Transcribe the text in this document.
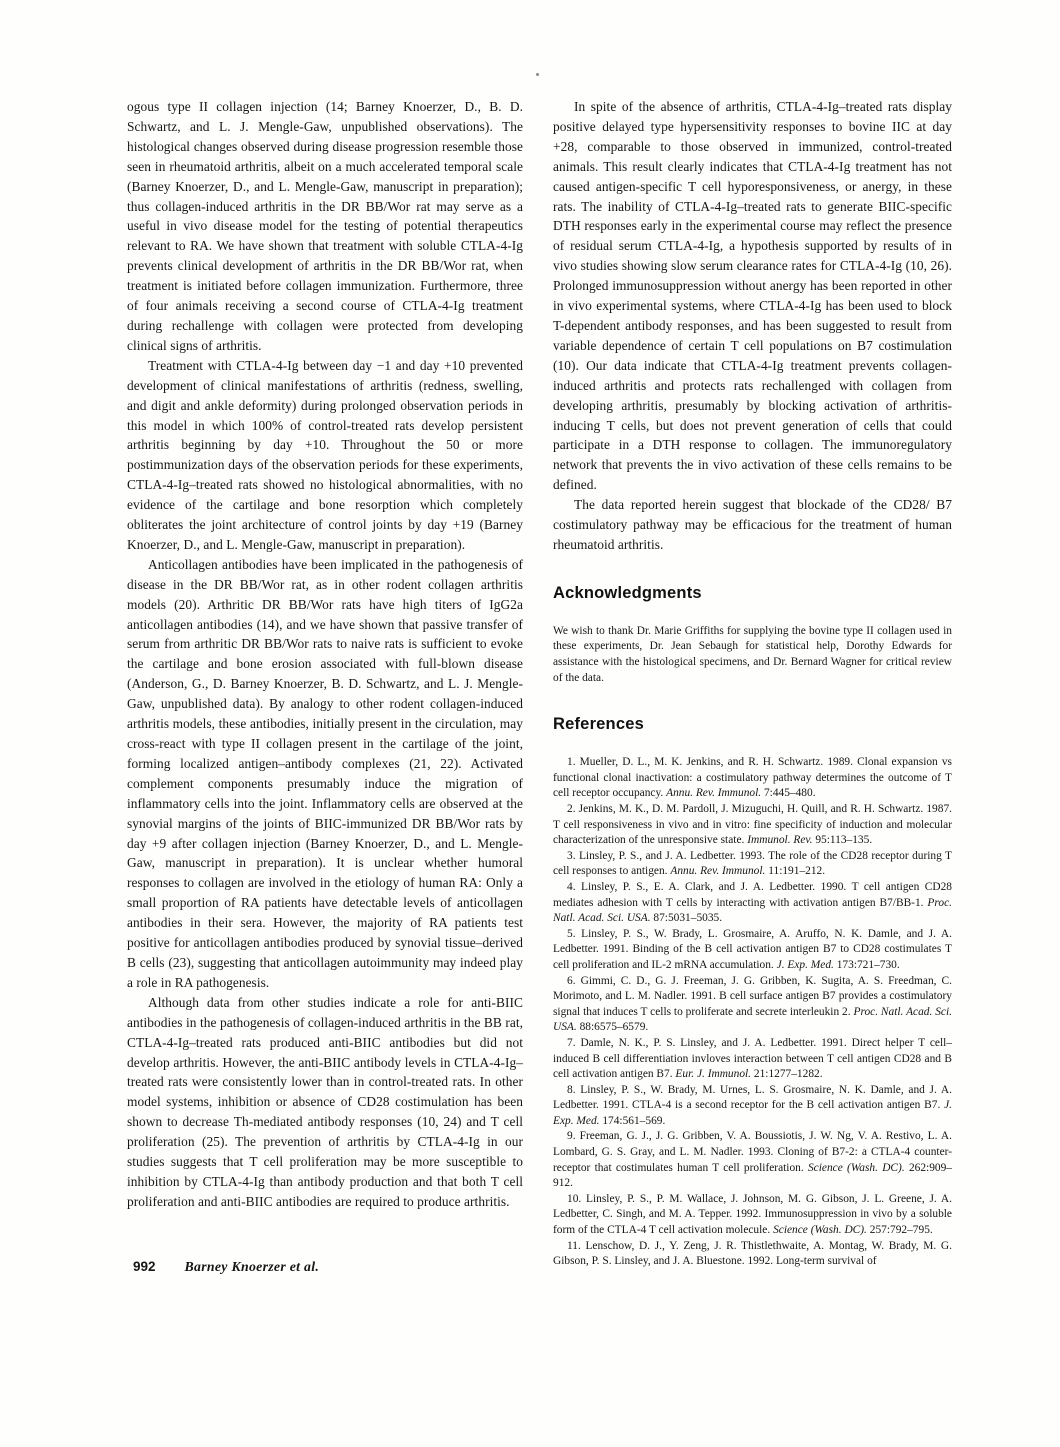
ogous type II collagen injection (14; Barney Knoerzer, D., B. D. Schwartz, and L. J. Mengle-Gaw, unpublished observations). The histological changes observed during disease progression resemble those seen in rheumatoid arthritis, albeit on a much accelerated temporal scale (Barney Knoerzer, D., and L. Mengle-Gaw, manuscript in preparation); thus collagen-induced arthritis in the DR BB/Wor rat may serve as a useful in vivo disease model for the testing of potential therapeutics relevant to RA. We have shown that treatment with soluble CTLA-4-Ig prevents clinical development of arthritis in the DR BB/Wor rat, when treatment is initiated before collagen immunization. Furthermore, three of four animals receiving a second course of CTLA-4-Ig treatment during rechallenge with collagen were protected from developing clinical signs of arthritis.

Treatment with CTLA-4-Ig between day −1 and day +10 prevented development of clinical manifestations of arthritis (redness, swelling, and digit and ankle deformity) during prolonged observation periods in this model in which 100% of control-treated rats develop persistent arthritis beginning by day +10. Throughout the 50 or more postimmunization days of the observation periods for these experiments, CTLA-4-Ig–treated rats showed no histological abnormalities, with no evidence of the cartilage and bone resorption which completely obliterates the joint architecture of control joints by day +19 (Barney Knoerzer, D., and L. Mengle-Gaw, manuscript in preparation).

Anticollagen antibodies have been implicated in the pathogenesis of disease in the DR BB/Wor rat, as in other rodent collagen arthritis models (20). Arthritic DR BB/Wor rats have high titers of IgG2a anticollagen antibodies (14), and we have shown that passive transfer of serum from arthritic DR BB/Wor rats to naive rats is sufficient to evoke the cartilage and bone erosion associated with full-blown disease (Anderson, G., D. Barney Knoerzer, B. D. Schwartz, and L. J. Mengle-Gaw, unpublished data). By analogy to other rodent collagen-induced arthritis models, these antibodies, initially present in the circulation, may cross-react with type II collagen present in the cartilage of the joint, forming localized antigen–antibody complexes (21, 22). Activated complement components presumably induce the migration of inflammatory cells into the joint. Inflammatory cells are observed at the synovial margins of the joints of BIIC-immunized DR BB/Wor rats by day +9 after collagen injection (Barney Knoerzer, D., and L. Mengle-Gaw, manuscript in preparation). It is unclear whether humoral responses to collagen are involved in the etiology of human RA: Only a small proportion of RA patients have detectable levels of anticollagen antibodies in their sera. However, the majority of RA patients test positive for anticollagen antibodies produced by synovial tissue–derived B cells (23), suggesting that anticollagen autoimmunity may indeed play a role in RA pathogenesis.

Although data from other studies indicate a role for anti-BIIC antibodies in the pathogenesis of collagen-induced arthritis in the BB rat, CTLA-4-Ig–treated rats produced anti-BIIC antibodies but did not develop arthritis. However, the anti-BIIC antibody levels in CTLA-4-Ig–treated rats were consistently lower than in control-treated rats. In other model systems, inhibition or absence of CD28 costimulation has been shown to decrease Th-mediated antibody responses (10, 24) and T cell proliferation (25). The prevention of arthritis by CTLA-4-Ig in our studies suggests that T cell proliferation may be more susceptible to inhibition by CTLA-4-Ig than antibody production and that both T cell proliferation and anti-BIIC antibodies are required to produce arthritis.

In spite of the absence of arthritis, CTLA-4-Ig–treated rats display positive delayed type hypersensitivity responses to bovine IIC at day +28, comparable to those observed in immunized, control-treated animals. This result clearly indicates that CTLA-4-Ig treatment has not caused antigen-specific T cell hyporesponsiveness, or anergy, in these rats. The inability of CTLA-4-Ig–treated rats to generate BIIC-specific DTH responses early in the experimental course may reflect the presence of residual serum CTLA-4-Ig, a hypothesis supported by results of in vivo studies showing slow serum clearance rates for CTLA-4-Ig (10, 26). Prolonged immunosuppression without anergy has been reported in other in vivo experimental systems, where CTLA-4-Ig has been used to block T-dependent antibody responses, and has been suggested to result from variable dependence of certain T cell populations on B7 costimulation (10). Our data indicate that CTLA-4-Ig treatment prevents collagen-induced arthritis and protects rats rechallenged with collagen from developing arthritis, presumably by blocking activation of arthritis-inducing T cells, but does not prevent generation of cells that could participate in a DTH response to collagen. The immunoregulatory network that prevents the in vivo activation of these cells remains to be defined.

The data reported herein suggest that blockade of the CD28/ B7 costimulatory pathway may be efficacious for the treatment of human rheumatoid arthritis.

Acknowledgments

We wish to thank Dr. Marie Griffiths for supplying the bovine type II collagen used in these experiments, Dr. Jean Sebaugh for statistical help, Dorothy Edwards for assistance with the histological specimens, and Dr. Bernard Wagner for critical review of the data.

References

1. Mueller, D. L., M. K. Jenkins, and R. H. Schwartz. 1989. Clonal expansion vs functional clonal inactivation: a costimulatory pathway determines the outcome of T cell receptor occupancy. Annu. Rev. Immunol. 7:445–480.

2. Jenkins, M. K., D. M. Pardoll, J. Mizuguchi, H. Quill, and R. H. Schwartz. 1987. T cell responsiveness in vivo and in vitro: fine specificity of induction and molecular characterization of the unresponsive state. Immunol. Rev. 95:113–135.

3. Linsley, P. S., and J. A. Ledbetter. 1993. The role of the CD28 receptor during T cell responses to antigen. Annu. Rev. Immunol. 11:191–212.

4. Linsley, P. S., E. A. Clark, and J. A. Ledbetter. 1990. T cell antigen CD28 mediates adhesion with T cells by interacting with activation antigen B7/BB-1. Proc. Natl. Acad. Sci. USA. 87:5031–5035.

5. Linsley, P. S., W. Brady, L. Grosmaire, A. Aruffo, N. K. Damle, and J. A. Ledbetter. 1991. Binding of the B cell activation antigen B7 to CD28 costimulates T cell proliferation and IL-2 mRNA accumulation. J. Exp. Med. 173:721–730.

6. Gimmi, C. D., G. J. Freeman, J. G. Gribben, K. Sugita, A. S. Freedman, C. Morimoto, and L. M. Nadler. 1991. B cell surface antigen B7 provides a costimulatory signal that induces T cells to proliferate and secrete interleukin 2. Proc. Natl. Acad. Sci. USA. 88:6575–6579.

7. Damle, N. K., P. S. Linsley, and J. A. Ledbetter. 1991. Direct helper T cell–induced B cell differentiation invloves interaction between T cell antigen CD28 and B cell activation antigen B7. Eur. J. Immunol. 21:1277–1282.

8. Linsley, P. S., W. Brady, M. Urnes, L. S. Grosmaire, N. K. Damle, and J. A. Ledbetter. 1991. CTLA-4 is a second receptor for the B cell activation antigen B7. J. Exp. Med. 174:561–569.

9. Freeman, G. J., J. G. Gribben, V. A. Boussiotis, J. W. Ng, V. A. Restivo, L. A. Lombard, G. S. Gray, and L. M. Nadler. 1993. Cloning of B7-2: a CTLA-4 counter-receptor that costimulates human T cell proliferation. Science (Wash. DC). 262:909–912.

10. Linsley, P. S., P. M. Wallace, J. Johnson, M. G. Gibson, J. L. Greene, J. A. Ledbetter, C. Singh, and M. A. Tepper. 1992. Immunosuppression in vivo by a soluble form of the CTLA-4 T cell activation molecule. Science (Wash. DC). 257:792–795.

11. Lenschow, D. J., Y. Zeng, J. R. Thistlethwaite, A. Montag, W. Brady, M. G. Gibson, P. S. Linsley, and J. A. Bluestone. 1992. Long-term survival of

992 Barney Knoerzer et al.
